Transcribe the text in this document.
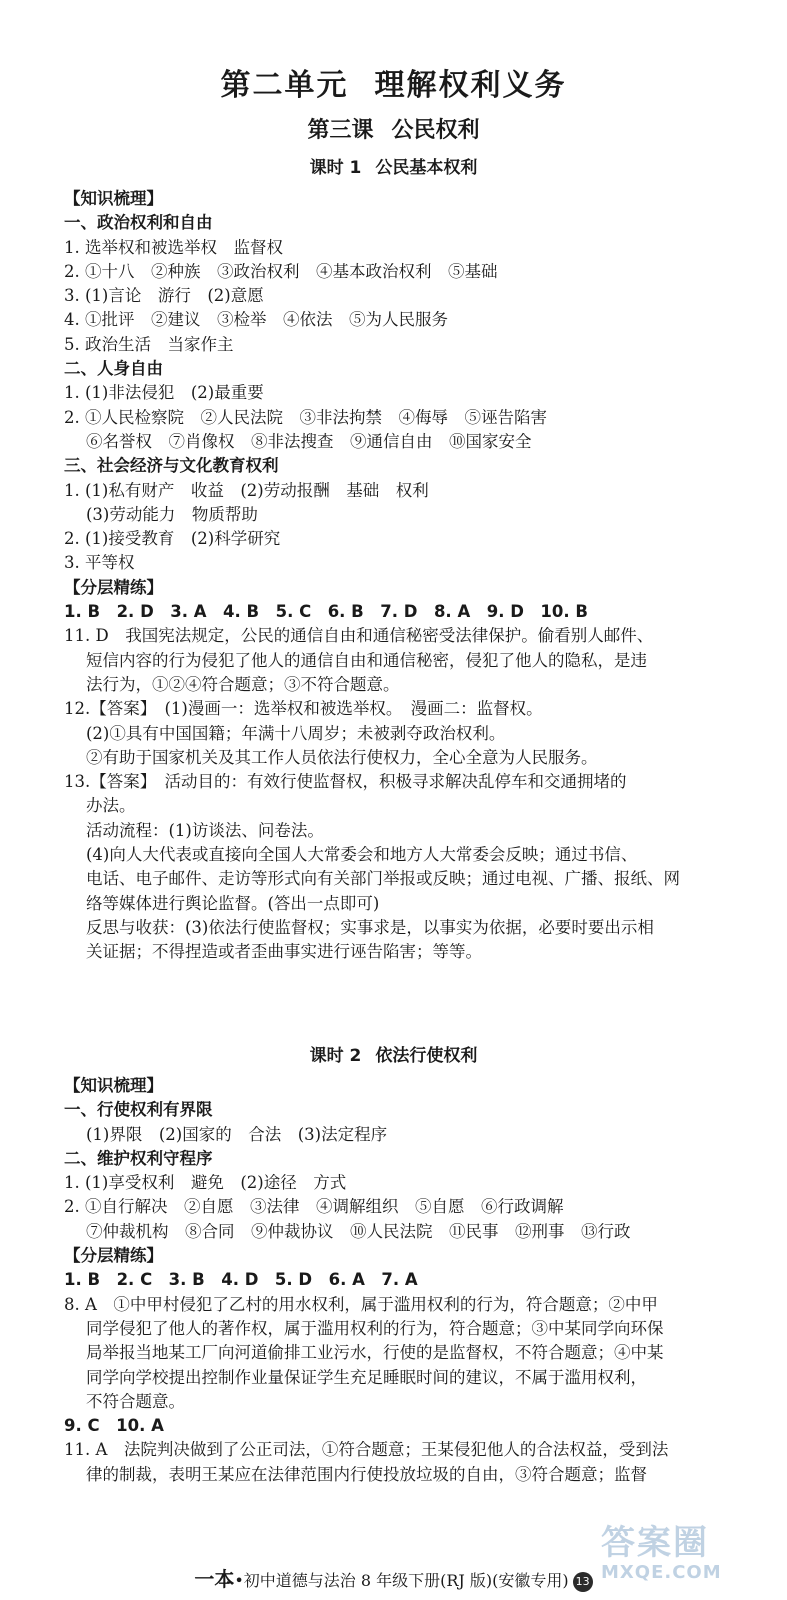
第二单元 理解权利义务
第三课 公民权利
课时 1 公民基本权利

【知识梳理】

一、政治权利和自由

1. 选举权和被选举权　监督权

2. ①十八　②种族　③政治权利　④基本政治权利　⑤基础

3. (1)言论　游行　(2)意愿

4. ①批评　②建议　③检举　④依法　⑤为人民服务

5. 政治生活　当家作主

二、人身自由

1. (1)非法侵犯　(2)最重要

2. ①人民检察院　②人民法院　③非法拘禁　④侮辱　⑤诬告陷害

⑥名誉权　⑦肖像权　⑧非法搜查　⑨通信自由　⑩国家安全

三、社会经济与文化教育权利

1. (1)私有财产　收益　(2)劳动报酬　基础　权利

(3)劳动能力　物质帮助

2. (1)接受教育　(2)科学研究

3. 平等权

【分层精练】

1. B　2. D　3. A　4. B　5. C　6. B　7. D　8. A　9. D　10. B

11. D　我国宪法规定，公民的通信自由和通信秘密受法律保护。偷看别人邮件、

短信内容的行为侵犯了他人的通信自由和通信秘密，侵犯了他人的隐私，是违

法行为，①②④符合题意；③不符合题意。

12.【答案】　(1)漫画一：选举权和被选举权。　漫画二：监督权。

(2)①具有中国国籍；年满十八周岁；未被剥夺政治权利。

②有助于国家机关及其工作人员依法行使权力，全心全意为人民服务。

13.【答案】　活动目的：有效行使监督权，积极寻求解决乱停车和交通拥堵的

办法。

活动流程：(1)访谈法、问卷法。

(4)向人大代表或直接向全国人大常委会和地方人大常委会反映；通过书信、

电话、电子邮件、走访等形式向有关部门举报或反映；通过电视、广播、报纸、网

络等媒体进行舆论监督。(答出一点即可)

反思与收获：(3)依法行使监督权；实事求是，以事实为依据，必要时要出示相

关证据；不得捏造或者歪曲事实进行诬告陷害；等等。

课时 2 依法行使权利

【知识梳理】

一、行使权利有界限

(1)界限　(2)国家的　合法　(3)法定程序

二、维护权利守程序

1. (1)享受权利　避免　(2)途径　方式

2. ①自行解决　②自愿　③法律　④调解组织　⑤自愿　⑥行政调解

⑦仲裁机构　⑧合同　⑨仲裁协议　⑩人民法院　⑪民事　⑫刑事　⑬行政

【分层精练】

1. B　2. C　3. B　4. D　5. D　6. A　7. A

8. A　①中甲村侵犯了乙村的用水权利，属于滥用权利的行为，符合题意；②中甲

同学侵犯了他人的著作权，属于滥用权利的行为，符合题意；③中某同学向环保

局举报当地某工厂向河道偷排工业污水，行使的是监督权，不符合题意；④中某

同学向学校提出控制作业量保证学生充足睡眠时间的建议，不属于滥用权利，

不符合题意。

9. C　10. A

11. A　法院判决做到了公正司法，①符合题意；王某侵犯他人的合法权益，受到法

律的制裁，表明王某应在法律范围内行使投放垃圾的自由，③符合题意；监督

一本•初中道德与法治 8 年级下册(RJ 版)(安徽专用) 13
答案圈
MXQE.COM
